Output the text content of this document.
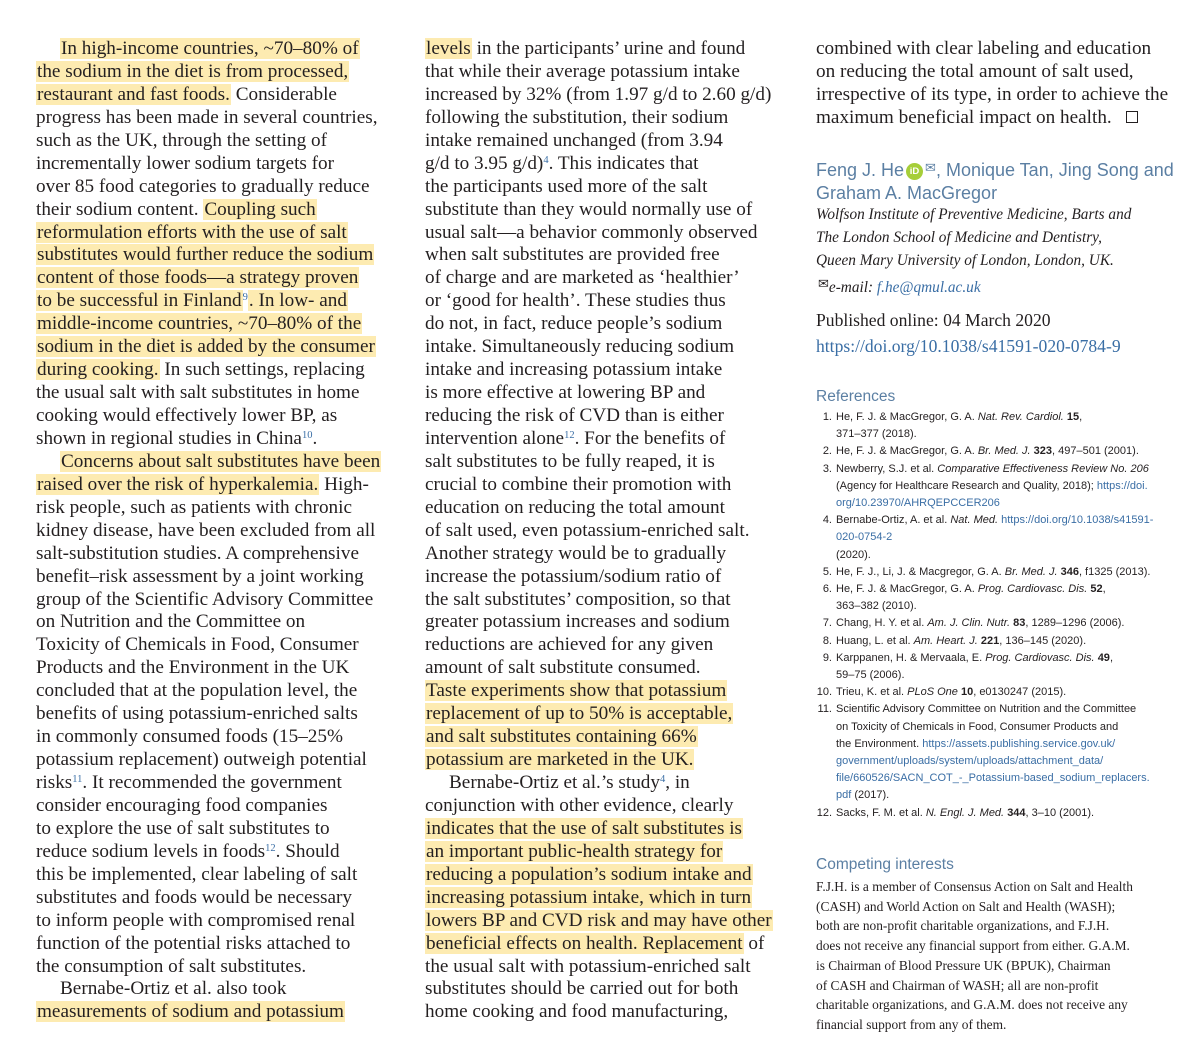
In high-income countries, ~70–80% of
the sodium in the diet is from processed,
restaurant and fast foods. Considerable
progress has been made in several countries,
such as the UK, through the setting of
incrementally lower sodium targets for
over 85 food categories to gradually reduce
their sodium content. Coupling such
reformulation efforts with the use of salt
substitutes would further reduce the sodium
content of those foods—a strategy proven
to be successful in Finland$^9$. In low- and
middle-income countries, ~70–80% of the
sodium in the diet is added by the consumer
during cooking. In such settings, replacing
the usual salt with salt substitutes in home
cooking would effectively lower BP, as
shown in regional studies in China$^{10}$.
Concerns about salt substitutes have been
raised over the risk of hyperkalemia. High-
risk people, such as patients with chronic
kidney disease, have been excluded from all
salt-substitution studies. A comprehensive
benefit–risk assessment by a joint working
group of the Scientific Advisory Committee
on Nutrition and the Committee on
Toxicity of Chemicals in Food, Consumer
Products and the Environment in the UK
concluded that at the population level, the
benefits of using potassium-enriched salts
in commonly consumed foods (15–25%
potassium replacement) outweigh potential
risks$^{11}$. It recommended the government
consider encouraging food companies
to explore the use of salt substitutes to
reduce sodium levels in foods$^{12}$. Should
this be implemented, clear labeling of salt
substitutes and foods would be necessary
to inform people with compromised renal
function of the potential risks attached to
the consumption of salt substitutes.
Bernabe-Ortiz et al. also took
measurements of sodium and potassium
levels in the participants’ urine and found
that while their average potassium intake
increased by 32% (from 1.97 g/d to 2.60 g/d)
following the substitution, their sodium
intake remained unchanged (from 3.94
g/d to 3.95 g/d)$^4$. This indicates that
the participants used more of the salt
substitute than they would normally use of
usual salt—a behavior commonly observed
when salt substitutes are provided free
of charge and are marketed as ‘healthier’
or ‘good for health’. These studies thus
do not, in fact, reduce people’s sodium
intake. Simultaneously reducing sodium
intake and increasing potassium intake
is more effective at lowering BP and
reducing the risk of CVD than is either
intervention alone$^{12}$. For the benefits of
salt substitutes to be fully reaped, it is
crucial to combine their promotion with
education on reducing the total amount
of salt used, even potassium-enriched salt.
Another strategy would be to gradually
increase the potassium/sodium ratio of
the salt substitutes’ composition, so that
greater potassium increases and sodium
reductions are achieved for any given
amount of salt substitute consumed.
Taste experiments show that potassium
replacement of up to 50% is acceptable,
and salt substitutes containing 66%
potassium are marketed in the UK.
Bernabe-Ortiz et al.’s study$^4$, in
conjunction with other evidence, clearly
indicates that the use of salt substitutes is
an important public-health strategy for
reducing a population’s sodium intake and
increasing potassium intake, which in turn
lowers BP and CVD risk and may have other
beneficial effects on health. Replacement of
the usual salt with potassium-enriched salt
substitutes should be carried out for both
home cooking and food manufacturing,
combined with clear labeling and education
on reducing the total amount of salt used,
irrespective of its type, in order to achieve the
maximum beneficial impact on health.
Feng J. He iD ✉, Monique Tan, Jing Song and
Graham A. MacGregor
Wolfson Institute of Preventive Medicine, Barts and
The London School of Medicine and Dentistry,
Queen Mary University of London, London, UK.
✉e-mail: f.he@qmul.ac.uk
Published online: 04 March 2020
https://doi.org/10.1038/s41591-020-0784-9
References
1. He, F. J. & MacGregor, G. A. Nat. Rev. Cardiol. 15,
371–377 (2018).
2. He, F. J. & MacGregor, G. A. Br. Med. J. 323, 497–501 (2001).
3. Newberry, S.J. et al. Comparative Effectiveness Review No. 206
(Agency for Healthcare Research and Quality, 2018); https://doi.
org/10.23970/AHRQEPCCER206
4. Bernabe-Ortiz, A. et al. Nat. Med. https://doi.org/10.1038/s41591-
020-0754-2
(2020).
5. He, F. J., Li, J. & Macgregor, G. A. Br. Med. J. 346, f1325 (2013).
6. He, F. J. & MacGregor, G. A. Prog. Cardiovasc. Dis. 52,
363–382 (2010).
7. Chang, H. Y. et al. Am. J. Clin. Nutr. 83, 1289–1296 (2006).
8. Huang, L. et al. Am. Heart. J. 221, 136–145 (2020).
9. Karppanen, H. & Mervaala, E. Prog. Cardiovasc. Dis. 49,
59–75 (2006).
10. Trieu, K. et al. PLoS One 10, e0130247 (2015).
11. Scientific Advisory Committee on Nutrition and the Committee
on Toxicity of Chemicals in Food, Consumer Products and
the Environment. https://assets.publishing.service.gov.uk/
government/uploads/system/uploads/attachment_data/
file/660526/SACN_COT_-_Potassium-based_sodium_replacers.
pdf (2017).
12. Sacks, F. M. et al. N. Engl. J. Med. 344, 3–10 (2001).
Competing interests
F.J.H. is a member of Consensus Action on Salt and Health
(CASH) and World Action on Salt and Health (WASH);
both are non-profit charitable organizations, and F.J.H.
does not receive any financial support from either. G.A.M.
is Chairman of Blood Pressure UK (BPUK), Chairman
of CASH and Chairman of WASH; all are non-profit
charitable organizations, and G.A.M. does not receive any
financial support from any of them.
